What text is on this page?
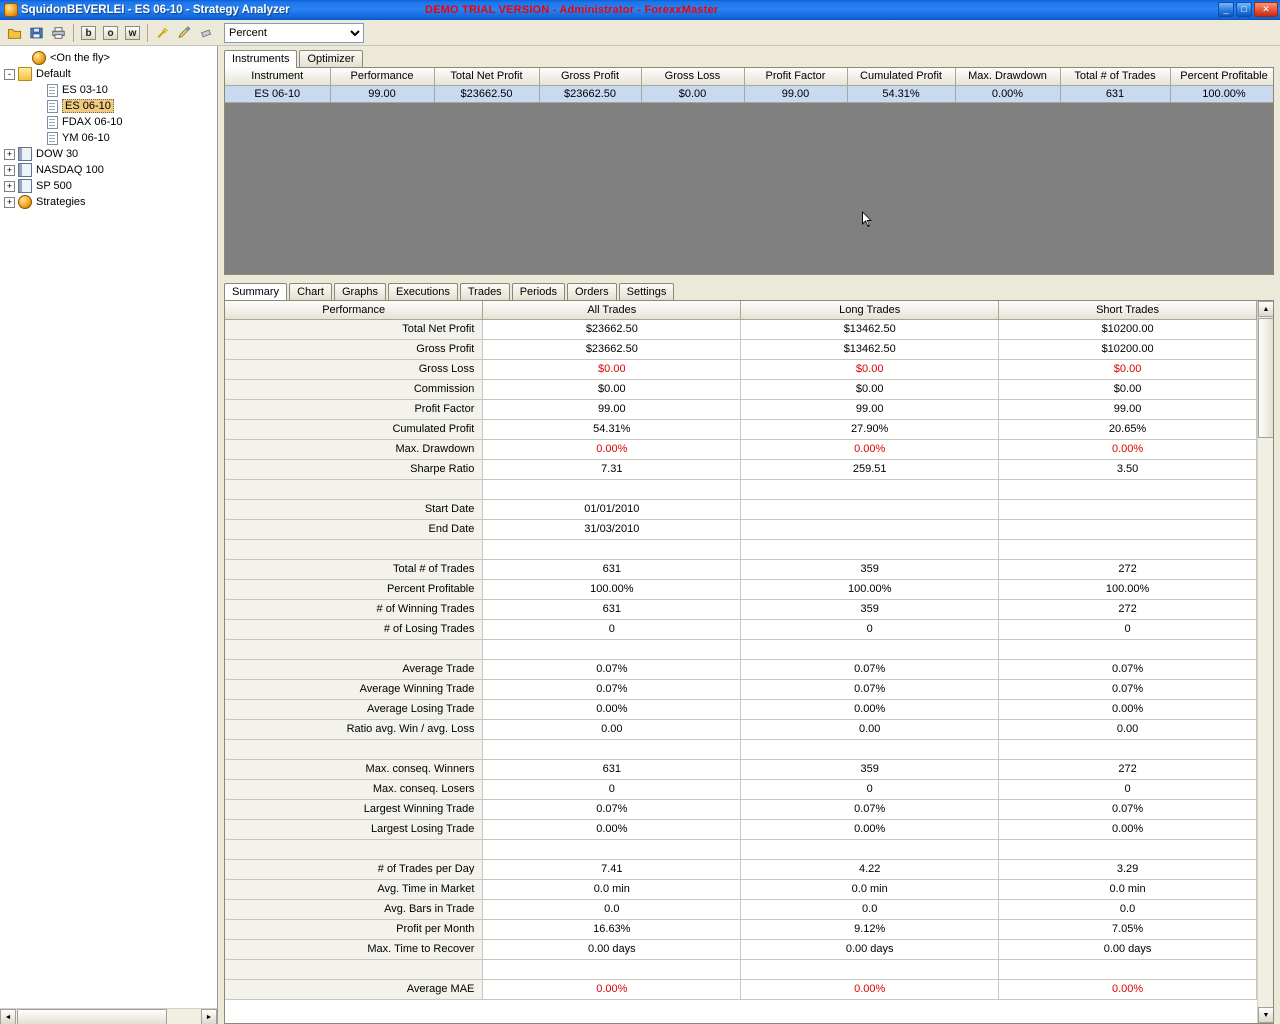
SquidonBEVERLEI - ES 06-10 - Strategy Analyzer	DEMO TRIAL VERSION - Administrator - ForexxMaster	_	□	✕
b	o	w
Percent
<On the fly>
-	Default
ES 03-10
ES 06-10
FDAX 06-10
YM 06-10
+ DOW 30
+ NASDAQ 100
+ SP 500
+ Strategies
◄	►
Instruments	Optimizer
Instrument	Performance	Total Net Profit	Gross Profit	Gross Loss	Profit Factor	Cumulated Profit	Max. Drawdown	Total # of Trades	Percent Profitable
ES 06-10	99.00	$23662.50	$23662.50	$0.00	99.00	54.31%	0.00%	631	100.00%
Summary	Chart	Graphs	Executions	Trades	Periods	Orders	Settings
Performance	All Trades	Long Trades	Short Trades
Total Net Profit	$23662.50	$13462.50	$10200.00
Gross Profit	$23662.50	$13462.50	$10200.00
Gross Loss	$0.00	$0.00	$0.00
Commission	$0.00	$0.00	$0.00
Profit Factor	99.00	99.00	99.00
Cumulated Profit	54.31%	27.90%	20.65%
Max. Drawdown	0.00%	0.00%	0.00%
Sharpe Ratio	7.31	259.51	3.50

Start Date	01/01/2010		
End Date	31/03/2010		

Total # of Trades	631	359	272
Percent Profitable	100.00%	100.00%	100.00%
# of Winning Trades	631	359	272
# of Losing Trades	0	0	0

Average Trade	0.07%	0.07%	0.07%
Average Winning Trade	0.07%	0.07%	0.07%
Average Losing Trade	0.00%	0.00%	0.00%
Ratio avg. Win / avg. Loss	0.00	0.00	0.00

Max. conseq. Winners	631	359	272
Max. conseq. Losers	0	0	0
Largest Winning Trade	0.07%	0.07%	0.07%
Largest Losing Trade	0.00%	0.00%	0.00%

# of Trades per Day	7.41	4.22	3.29
Avg. Time in Market	0.0 min	0.0 min	0.0 min
Avg. Bars in Trade	0.0	0.0	0.0
Profit per Month	16.63%	9.12%	7.05%
Max. Time to Recover	0.00 days	0.00 days	0.00 days

Average MAE	0.00%	0.00%	0.00%
▲
▼
